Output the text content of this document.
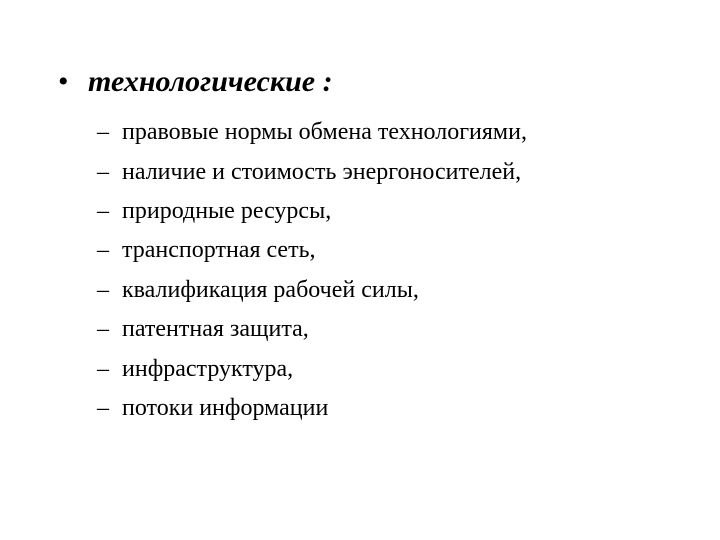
• технологические :
– правовые нормы обмена технологиями,
– наличие и стоимость энергоносителей,
– природные ресурсы,
– транспортная сеть,
– квалификация рабочей силы,
– патентная защита,
– инфраструктура,
– потоки информации
